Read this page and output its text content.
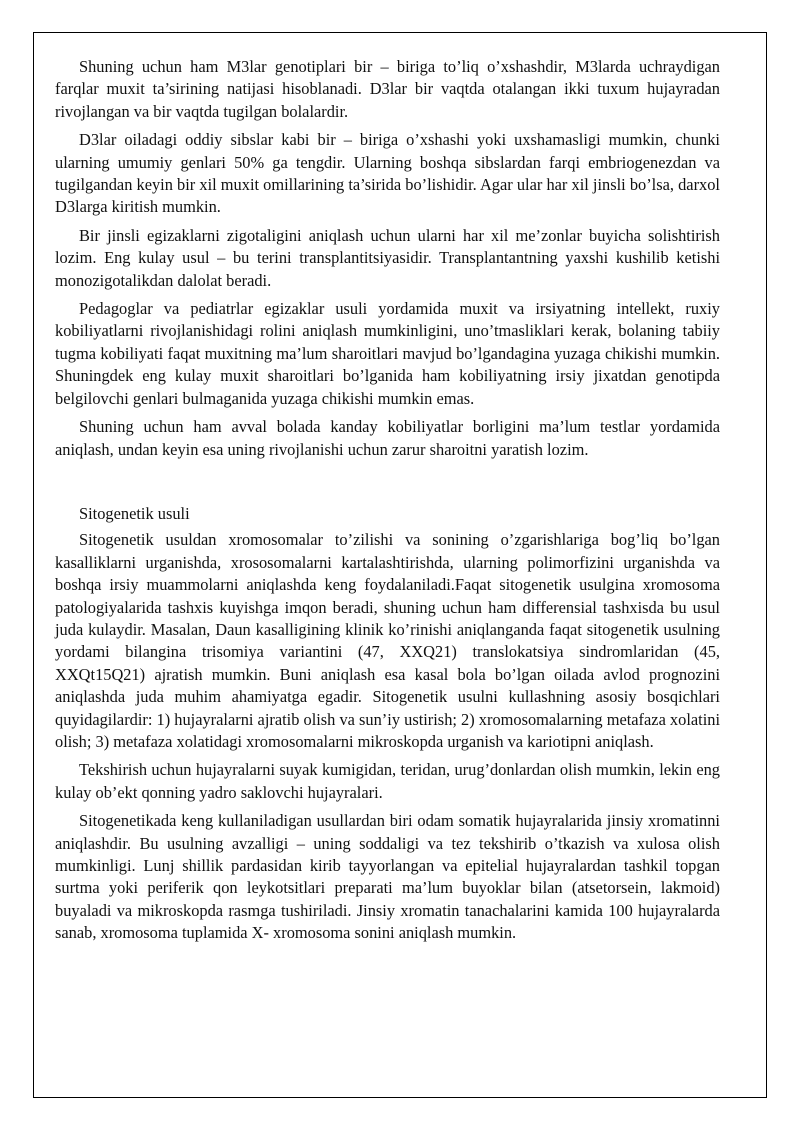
Shuning uchun ham M3lar genotiplari bir – biriga to’liq o’xshashdir, M3larda uchraydigan farqlar muxit ta’sirining natijasi hisoblanadi. D3lar bir vaqtda otalangan ikki tuxum hujayradan rivojlangan va bir vaqtda tugilgan bolalardir.

D3lar oiladagi oddiy sibslar kabi bir – biriga o’xshashi yoki uxshamasligi mumkin, chunki ularning umumiy genlari 50% ga tengdir. Ularning boshqa sibslardan farqi embriogenezdan va tugilgandan keyin bir xil muxit omillarining ta’sirida bo’lishidir. Agar ular har xil jinsli bo’lsa, darxol D3larga kiritish mumkin.

Bir jinsli egizaklarni zigotaligini aniqlash uchun ularni har xil me’zonlar buyicha solishtirish lozim. Eng kulay usul – bu terini transplantitsiyasidir. Transplantantning yaxshi kushilib ketishi monozigotalikdan dalolat beradi.

Pedagoglar va pediatrlar egizaklar usuli yordamida muxit va irsiyatning intellekt, ruxiy kobiliyatlarni rivojlanishidagi rolini aniqlash mumkinligini, uno’tmasliklari kerak, bolaning tabiiy tugma kobiliyati faqat muxitning ma’lum sharoitlari mavjud bo’lgandagina yuzaga chikishi mumkin. Shuningdek eng kulay muxit sharoitlari bo’lganida ham kobiliyatning irsiy jixatdan genotipda belgilovchi genlari bulmaganida yuzaga chikishi mumkin emas.

Shuning uchun ham avval bolada kanday kobiliyatlar borligini ma’lum testlar yordamida aniqlash, undan keyin esa uning rivojlanishi uchun zarur sharoitni yaratish lozim.

Sitogenetik usuli

Sitogenetik usuldan xromosomalar to’zilishi va sonining o’zgarishlariga bog’liq bo’lgan kasalliklarni urganishda, xrososomalarni kartalashtirishda, ularning polimorfizini urganishda va boshqa irsiy muammolarni aniqlashda keng foydalaniladi.Faqat sitogenetik usulgina xromosoma patologiyalarida tashxis kuyishga imqon beradi, shuning uchun ham differensial tashxisda bu usul juda kulaydir. Masalan, Daun kasalligining klinik ko’rinishi aniqlanganda faqat sitogenetik usulning yordami bilangina trisomiya variantini (47, XXQ21) translokatsiya sindromlaridan (45, XXQt15Q21) ajratish mumkin. Buni aniqlash esa kasal bola bo’lgan oilada avlod prognozini aniqlashda juda muhim ahamiyatga egadir. Sitogenetik usulni kullashning asosiy bosqichlari quyidagilardir: 1) hujayralarni ajratib olish va sun’iy ustirish; 2) xromosomalarning metafaza xolatini olish; 3) metafaza xolatidagi xromosomalarni mikroskopda urganish va kariotipni aniqlash.

Tekshirish uchun hujayralarni suyak kumigidan, teridan, urug’donlardan olish mumkin, lekin eng kulay ob’ekt qonning yadro saklovchi hujayralari.

Sitogenetikada keng kullaniladigan usullardan biri odam somatik hujayralarida jinsiy xromatinni aniqlashdir. Bu usulning avzalligi – uning soddaligi va tez tekshirib o’tkazish va xulosa olish mumkinligi. Lunj shillik pardasidan kirib tayyorlangan va epitelial hujayralardan tashkil topgan surtma yoki periferik qon leykotsitlari preparati ma’lum buyoklar bilan (atsetorsein, lakmoid) buyaladi va mikroskopda rasmga tushiriladi. Jinsiy xromatin tanachalarini kamida 100 hujayralarda sanab, xromosoma tuplamida X- xromosoma sonini aniqlash mumkin.
